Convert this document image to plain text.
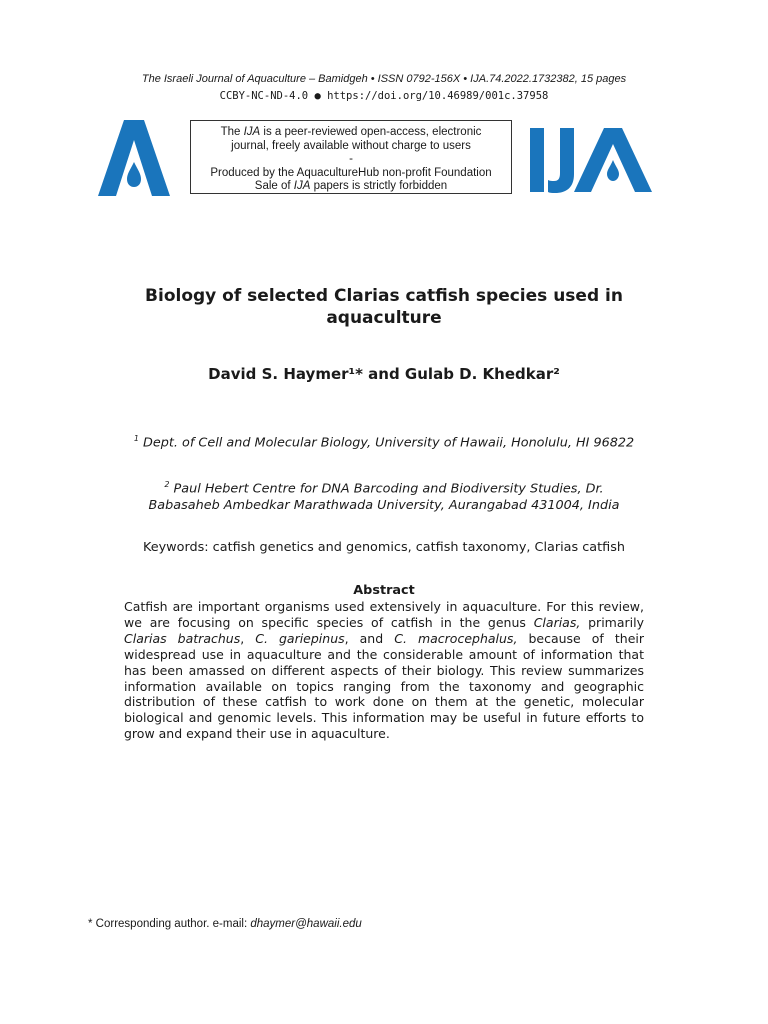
The Israeli Journal of Aquaculture – Bamidgeh • ISSN 0792-156X • IJA.74.2022.1732382, 15 pages
CCBY-NC-ND-4.0 ● https://doi.org/10.46989/001c.37958
The IJA is a peer-reviewed open-access, electronic
journal, freely available without charge to users
-
Produced by the AquacultureHub non-profit Foundation
Sale of IJA papers is strictly forbidden
Biology of selected Clarias catfish species used in
aquaculture
David S. Haymer¹* and Gulab D. Khedkar²
$^1$ Dept. of Cell and Molecular Biology, University of Hawaii, Honolulu, HI 96822
$^2$ Paul Hebert Centre for DNA Barcoding and Biodiversity Studies, Dr.
Babasaheb Ambedkar Marathwada University, Aurangabad 431004, India
Keywords: catfish genetics and genomics, catfish taxonomy, Clarias catfish
Abstract
Catfish are important organisms used extensively in aquaculture. For this review, we are focusing on specific species of catfish in the genus Clarias, primarily Clarias batrachus, C. gariepinus, and C. macrocephalus, because of their widespread use in aquaculture and the considerable amount of information that has been amassed on different aspects of their biology. This review summarizes information available on topics ranging from the taxonomy and geographic distribution of these catfish to work done on them at the genetic, molecular biological and genomic levels. This information may be useful in future efforts to grow and expand their use in aquaculture.
* Corresponding author. e-mail: dhaymer@hawaii.edu
